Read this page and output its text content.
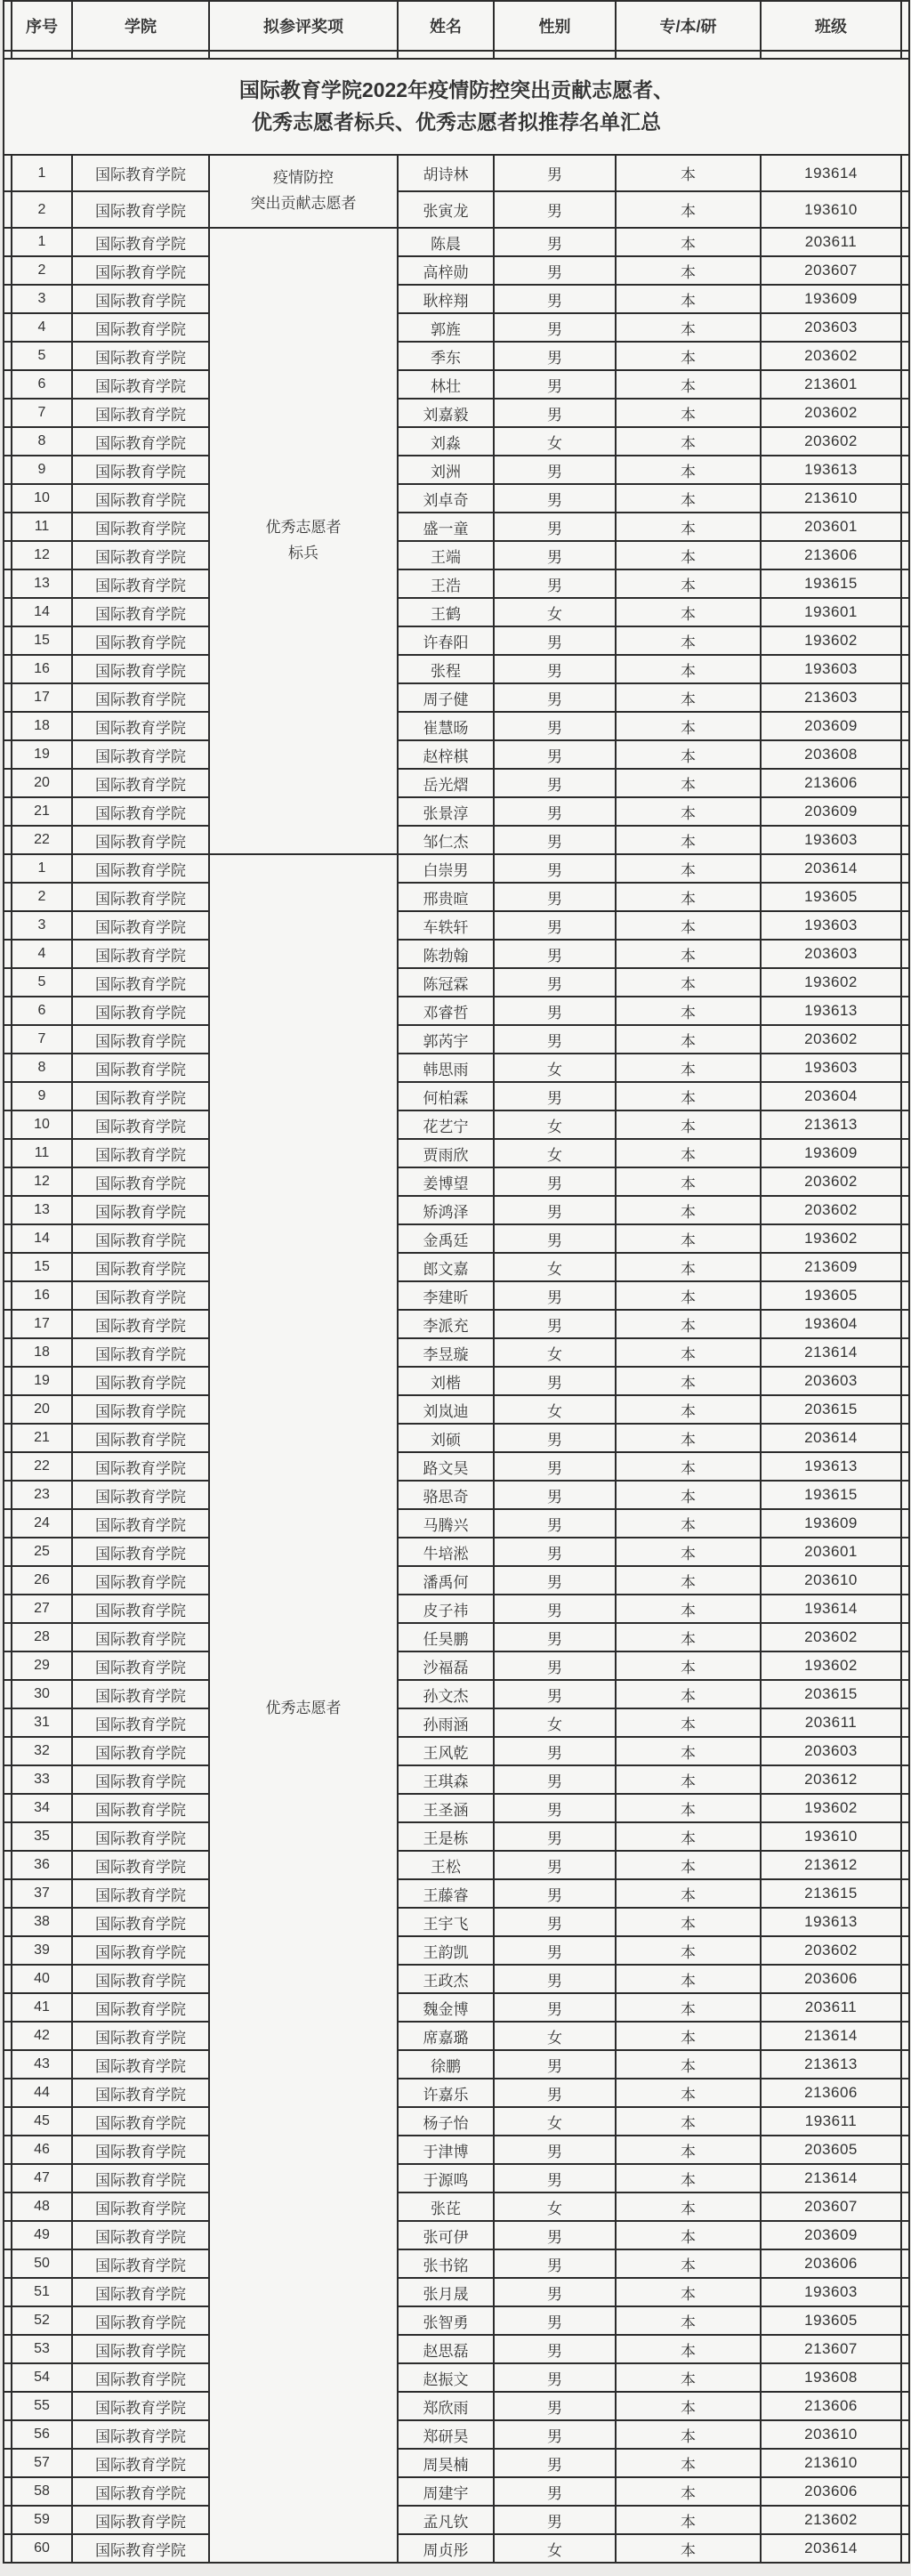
国际教育学院2022年疫情防控突出贡献志愿者、
优秀志愿者标兵、优秀志愿者拟推荐名单汇总								

	序号	学院	拟参评奖项	姓名	性别	专/本/研	班级	
	1	国际教育学院	疫情防控
突出贡献志愿者	胡诗林	男	本	193614	
	2	国际教育学院		张寅龙	男	本	193610	
	1	国际教育学院	优秀志愿者
标兵	陈晨	男	本	203611	
	2	国际教育学院		高梓勋	男	本	203607	
	3	国际教育学院		耿梓翔	男	本	193609	
	4	国际教育学院		郭旌	男	本	203603	
	5	国际教育学院		季东	男	本	203602	
	6	国际教育学院		林壮	男	本	213601	
	7	国际教育学院		刘嘉毅	男	本	203602	
	8	国际教育学院		刘淼	女	本	203602	
	9	国际教育学院		刘洲	男	本	193613	
	10	国际教育学院		刘卓奇	男	本	213610	
	11	国际教育学院		盛一童	男	本	203601	
	12	国际教育学院		王端	男	本	213606	
	13	国际教育学院		王浩	男	本	193615	
	14	国际教育学院		王鹤	女	本	193601	
	15	国际教育学院		许春阳	男	本	193602	
	16	国际教育学院		张程	男	本	193603	
	17	国际教育学院		周子健	男	本	213603	
	18	国际教育学院		崔慧旸	男	本	203609	
	19	国际教育学院		赵梓棋	男	本	203608	
	20	国际教育学院		岳光熠	男	本	213606	
	21	国际教育学院		张景淳	男	本	203609	
	22	国际教育学院		邹仁杰	男	本	193603	
	1	国际教育学院	优秀志愿者	白崇男	男	本	203614	
	2	国际教育学院		邢贵暄	男	本	193605	
	3	国际教育学院		车轶轩	男	本	193603	
	4	国际教育学院		陈勃翰	男	本	203603	
	5	国际教育学院		陈冠霖	男	本	193602	
	6	国际教育学院		邓睿哲	男	本	193613	
	7	国际教育学院		郭芮宇	男	本	203602	
	8	国际教育学院		韩思雨	女	本	193603	
	9	国际教育学院		何柏霖	男	本	203604	
	10	国际教育学院		花艺宁	女	本	213613	
	11	国际教育学院		贾雨欣	女	本	193609	
	12	国际教育学院		姜博望	男	本	203602	
	13	国际教育学院		矫鸿泽	男	本	203602	
	14	国际教育学院		金禹廷	男	本	193602	
	15	国际教育学院		郎文嘉	女	本	213609	
	16	国际教育学院		李建昕	男	本	193605	
	17	国际教育学院		李派充	男	本	193604	
	18	国际教育学院		李昱璇	女	本	213614	
	19	国际教育学院		刘楷	男	本	203603	
	20	国际教育学院		刘岚迪	女	本	203615	
	21	国际教育学院		刘硕	男	本	203614	
	22	国际教育学院		路文昊	男	本	193613	
	23	国际教育学院		骆思奇	男	本	193615	
	24	国际教育学院		马腾兴	男	本	193609	
	25	国际教育学院		牛培淞	男	本	203601	
	26	国际教育学院		潘禹何	男	本	203610	
	27	国际教育学院		皮子祎	男	本	193614	
	28	国际教育学院		任昊鹏	男	本	203602	
	29	国际教育学院		沙福磊	男	本	193602	
	30	国际教育学院		孙文杰	男	本	203615	
	31	国际教育学院		孙雨涵	女	本	203611	
	32	国际教育学院		王风乾	男	本	203603	
	33	国际教育学院		王琪森	男	本	203612	
	34	国际教育学院		王圣涵	男	本	193602	
	35	国际教育学院		王是栋	男	本	193610	
	36	国际教育学院		王松	男	本	213612	
	37	国际教育学院		王藤睿	男	本	213615	
	38	国际教育学院		王宇飞	男	本	193613	
	39	国际教育学院		王韵凯	男	本	203602	
	40	国际教育学院		王政杰	男	本	203606	
	41	国际教育学院		魏金博	男	本	203611	
	42	国际教育学院		席嘉璐	女	本	213614	
	43	国际教育学院		徐鹏	男	本	213613	
	44	国际教育学院		许嘉乐	男	本	213606	
	45	国际教育学院		杨子怡	女	本	193611	
	46	国际教育学院		于津博	男	本	203605	
	47	国际教育学院		于源鸣	男	本	213614	
	48	国际教育学院		张芘	女	本	203607	
	49	国际教育学院		张可伊	男	本	203609	
	50	国际教育学院		张书铭	男	本	203606	
	51	国际教育学院		张月晟	男	本	193603	
	52	国际教育学院		张智勇	男	本	193605	
	53	国际教育学院		赵思磊	男	本	213607	
	54	国际教育学院		赵振文	男	本	193608	
	55	国际教育学院		郑欣雨	男	本	213606	
	56	国际教育学院		郑研昊	男	本	203610	
	57	国际教育学院		周昊楠	男	本	213610	
	58	国际教育学院		周建宇	男	本	203606	
	59	国际教育学院		孟凡钦	男	本	213602	
	60	国际教育学院		周贞彤	女	本	203614	
